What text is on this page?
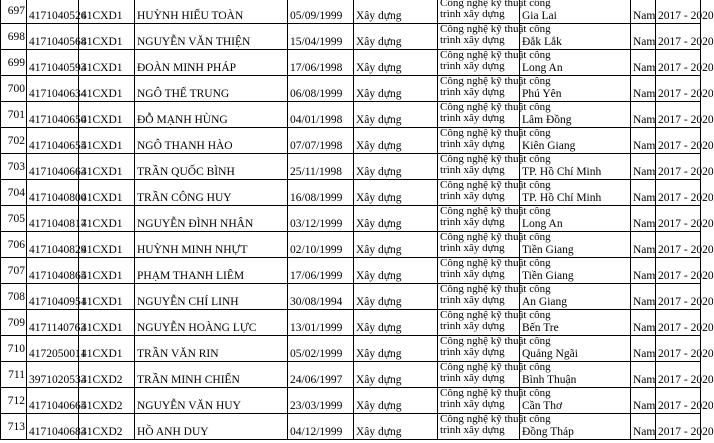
697	4171040526	41CXD1	HUỲNH HIẾU TOÀN	05/09/1999	Xây dựng	Công nghệ kỹ thuật công
trình xây dựng	Gia Lai	Nam	2017 - 2020
698	4171040568	41CXD1	NGUYỄN VĂN THIỆN	15/04/1999	Xây dựng	Công nghệ kỹ thuật công
trình xây dựng	Đắk Lắk	Nam	2017 - 2020
699	4171040593	41CXD1	ĐOÀN MINH PHÁP	17/06/1998	Xây dựng	Công nghệ kỹ thuật công
trình xây dựng	Long An	Nam	2017 - 2020
700	4171040634	41CXD1	NGÔ THẾ TRUNG	06/08/1999	Xây dựng	Công nghệ kỹ thuật công
trình xây dựng	Phú Yên	Nam	2017 - 2020
701	4171040650	41CXD1	ĐỖ MẠNH HÙNG	04/01/1998	Xây dựng	Công nghệ kỹ thuật công
trình xây dựng	Lâm Đồng	Nam	2017 - 2020
702	4171040655	41CXD1	NGÔ THANH HÀO	07/07/1998	Xây dựng	Công nghệ kỹ thuật công
trình xây dựng	Kiên Giang	Nam	2017 - 2020
703	4171040663	41CXD1	TRẦN QUỐC BÌNH	25/11/1998	Xây dựng	Công nghệ kỹ thuật công
trình xây dựng	TP. Hồ Chí Minh	Nam	2017 - 2020
704	4171040800	41CXD1	TRẦN CÔNG HUY	16/08/1999	Xây dựng	Công nghệ kỹ thuật công
trình xây dựng	TP. Hồ Chí Minh	Nam	2017 - 2020
705	4171040817	41CXD1	NGUYỄN ĐÌNH NHÂN	03/12/1999	Xây dựng	Công nghệ kỹ thuật công
trình xây dựng	Long An	Nam	2017 - 2020
706	4171040829	41CXD1	HUỲNH MINH NHỰT	02/10/1999	Xây dựng	Công nghệ kỹ thuật công
trình xây dựng	Tiền Giang	Nam	2017 - 2020
707	4171040865	41CXD1	PHẠM THANH LIÊM	17/06/1999	Xây dựng	Công nghệ kỹ thuật công
trình xây dựng	Tiền Giang	Nam	2017 - 2020
708	4171040951	41CXD1	NGUYỄN CHÍ LINH	30/08/1994	Xây dựng	Công nghệ kỹ thuật công
trình xây dựng	An Giang	Nam	2017 - 2020
709	4171140763	41CXD1	NGUYỄN HOÀNG LỰC	13/01/1999	Xây dựng	Công nghệ kỹ thuật công
trình xây dựng	Bến Tre	Nam	2017 - 2020
710	4172050011	41CXD1	TRẦN VĂN RIN	05/02/1999	Xây dựng	Công nghệ kỹ thuật công
trình xây dựng	Quảng Ngãi	Nam	2017 - 2020
711	3971020533	41CXD2	TRẦN MINH CHIẾN	24/06/1997	Xây dựng	Công nghệ kỹ thuật công
trình xây dựng	Bình Thuận	Nam	2017 - 2020
712	4171040665	41CXD2	NGUYỄN VĂN HUY	23/03/1999	Xây dựng	Công nghệ kỹ thuật công
trình xây dựng	Cần Thơ	Nam	2017 - 2020
713	4171040683	41CXD2	HỒ ANH DUY	04/12/1999	Xây dựng	Công nghệ kỹ thuật công
trình xây dựng	Đồng Tháp	Nam	2017 - 2020
